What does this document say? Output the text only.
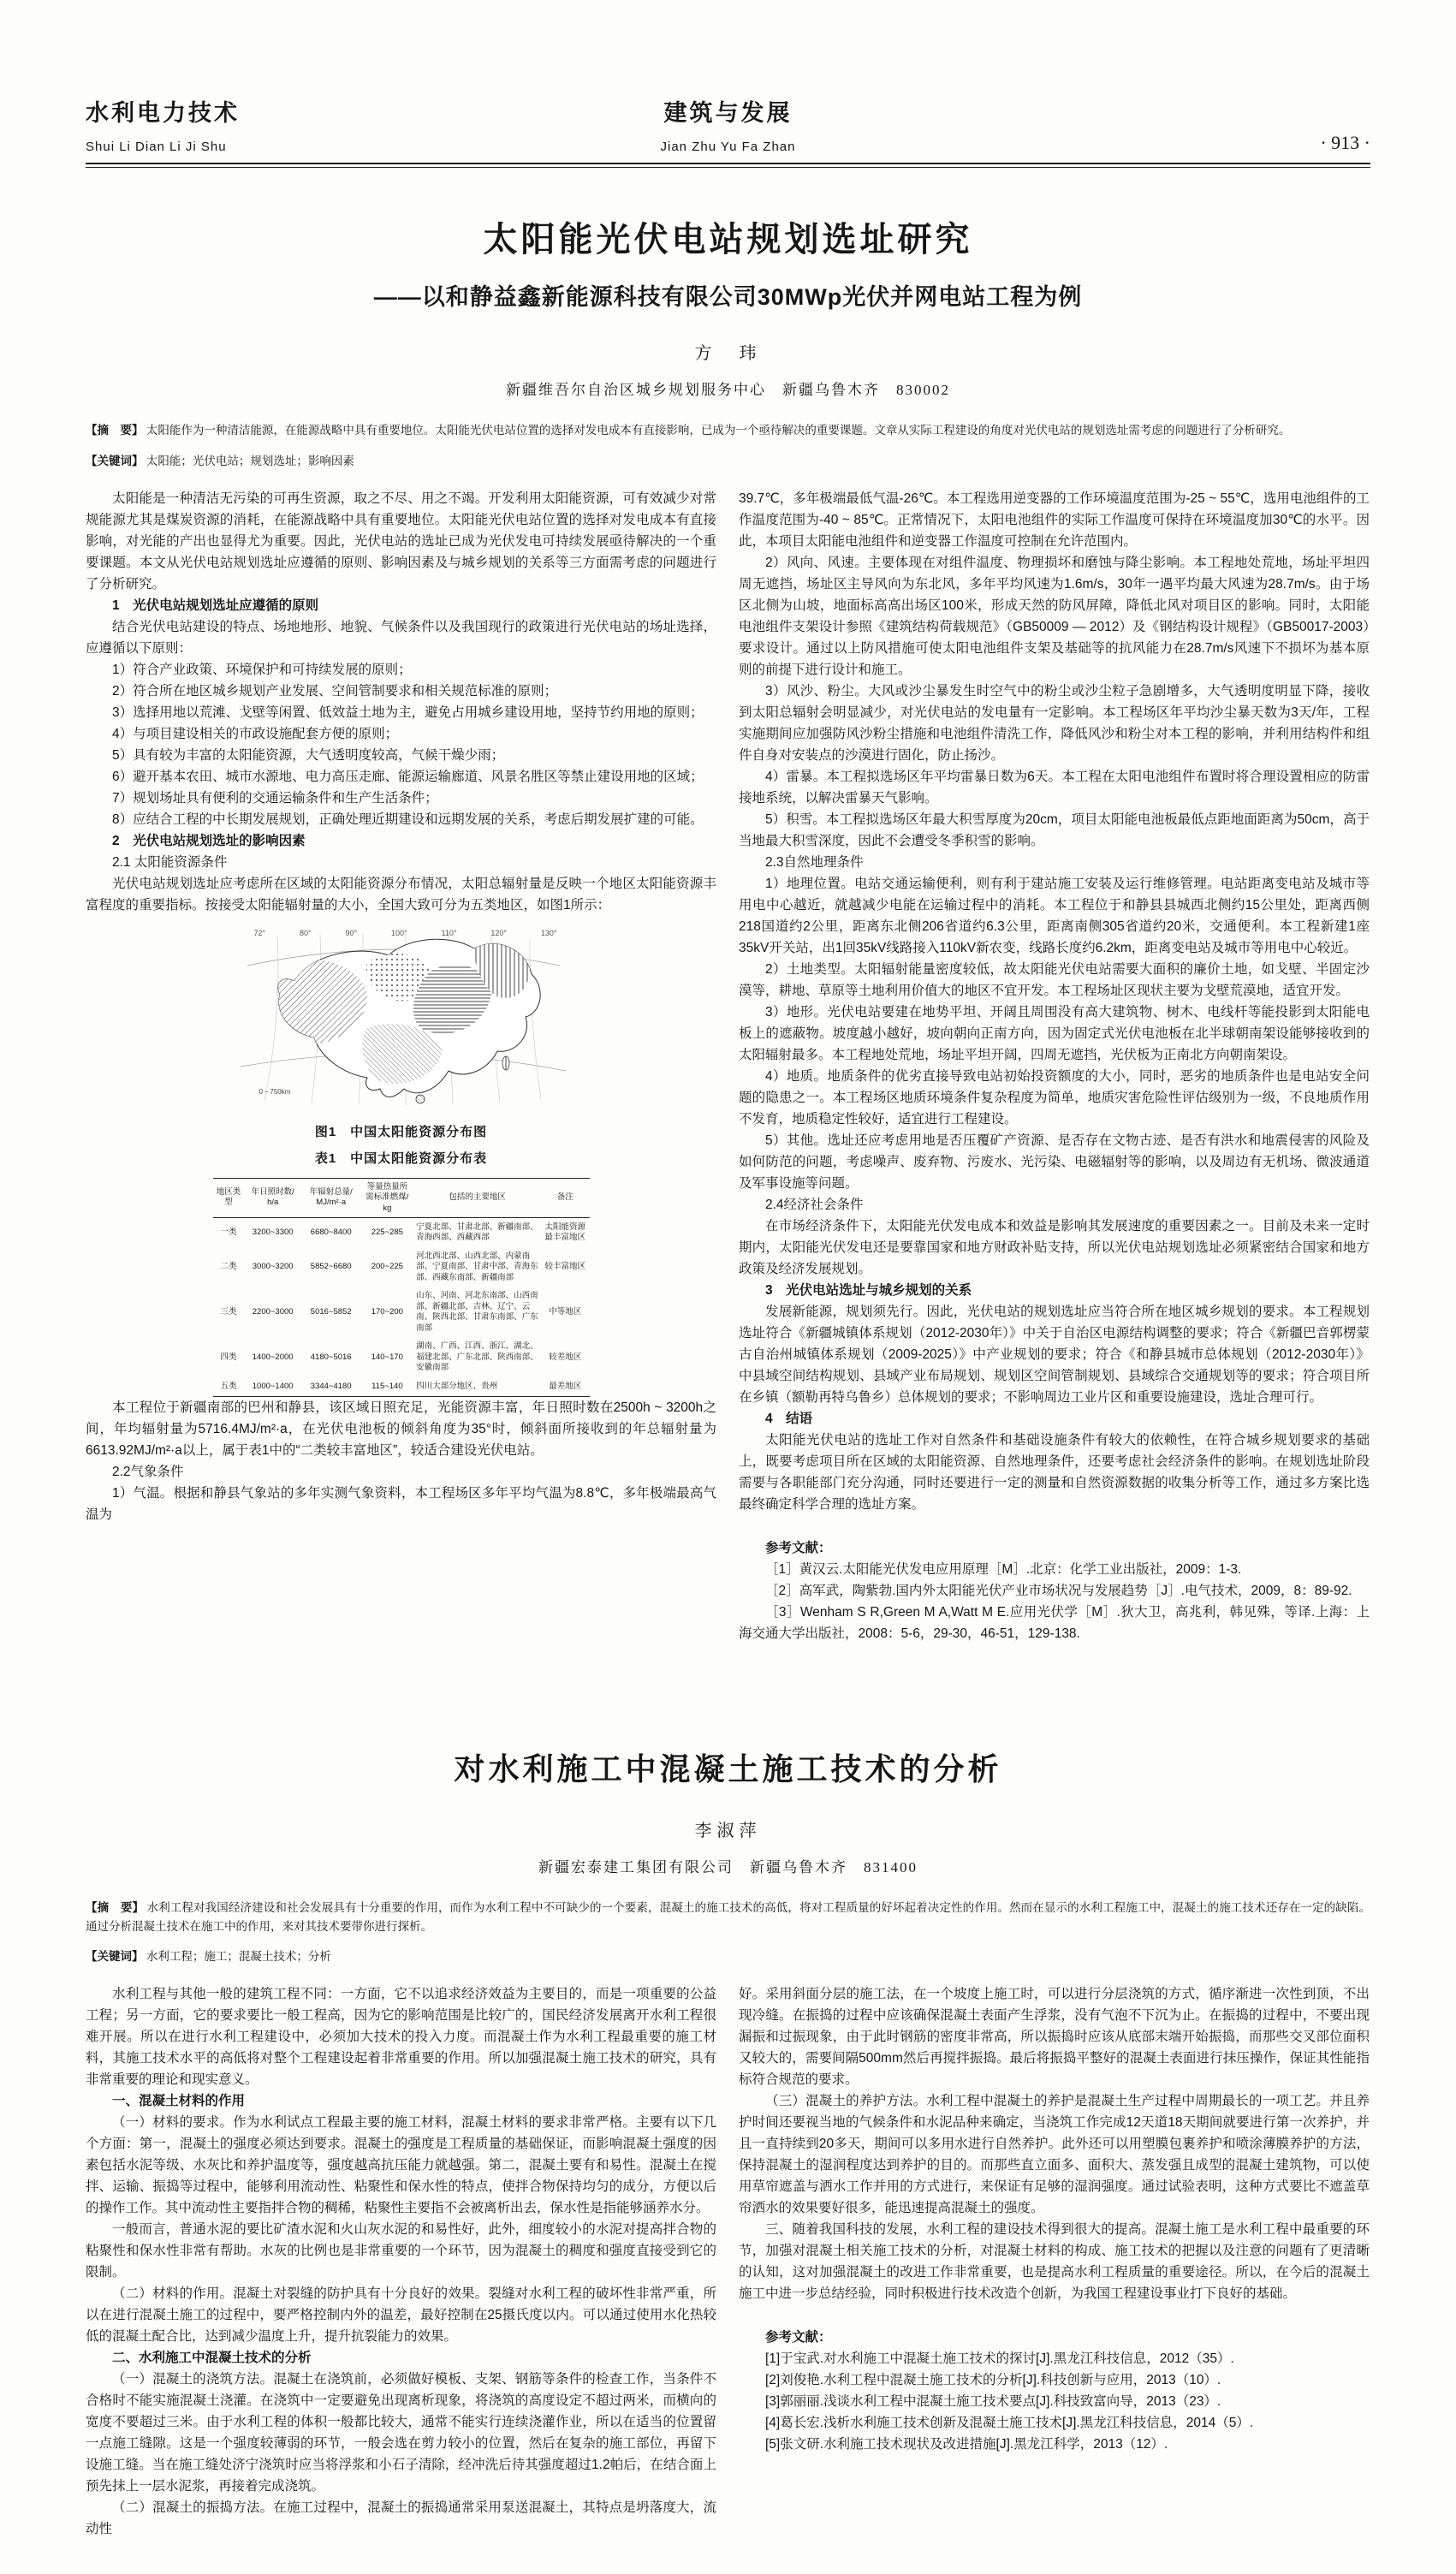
水利电力技术
Shui Li Dian Li Ji Shu
建筑与发展
Jian Zhu Yu Fa Zhan	· 913 ·
太阳能光伏电站规划选址研究
——以和静益鑫新能源科技有限公司30MWp光伏并网电站工程为例
方　玮
新疆维吾尔自治区城乡规划服务中心　新疆乌鲁木齐　830002

【摘　要】 太阳能作为一种清洁能源，在能源战略中具有重要地位。太阳能光伏电站位置的选择对发电成本有直接影响，已成为一个亟待解决的重要课题。文章从实际工程建设的角度对光伏电站的规划选址需考虑的问题进行了分析研究。

【关键词】 太阳能；光伏电站；规划选址；影响因素

太阳能是一种清洁无污染的可再生资源，取之不尽、用之不竭。开发利用太阳能资源，可有效减少对常规能源尤其是煤炭资源的消耗，在能源战略中具有重要地位。太阳能光伏电站位置的选择对发电成本有直接影响，对光能的产出也显得尤为重要。因此，光伏电站的选址已成为光伏发电可持续发展亟待解决的一个重要课题。本文从光伏电站规划选址应遵循的原则、影响因素及与城乡规划的关系等三方面需考虑的问题进行了分析研究。

1　光伏电站规划选址应遵循的原则

结合光伏电站建设的特点、场地地形、地貌、气候条件以及我国现行的政策进行光伏电站的场址选择，应遵循以下原则：

1）符合产业政策、环境保护和可持续发展的原则；

2）符合所在地区城乡规划产业发展、空间管制要求和相关规范标准的原则；

3）选择用地以荒滩、戈壁等闲置、低效益土地为主，避免占用城乡建设用地，坚持节约用地的原则；

4）与项目建设相关的市政设施配套方便的原则；

5）具有较为丰富的太阳能资源，大气透明度较高，气候干燥少雨；

6）避开基本农田、城市水源地、电力高压走廊、能源运输廊道、风景名胜区等禁止建设用地的区域；

7）规划场址具有便利的交通运输条件和生产生活条件；

8）应结合工程的中长期发展规划，正确处理近期建设和远期发展的关系，考虑后期发展扩建的可能。

2　光伏电站规划选址的影响因素

2.1 太阳能资源条件

光伏电站规划选址应考虑所在区域的太阳能资源分布情况，太阳总辐射量是反映一个地区太阳能资源丰富程度的重要指标。按接受太阳能辐射量的大小，全国大致可分为五类地区，如图1所示：

72°	80°	90°	100°	110°	120°	130°
0 ⎯ 750km

图1　中国太阳能资源分布图

表1　中国太阳能资源分布表

地区类型	年日照时数/ h/a	年辐射总量/ MJ/m²·a	等量热量所需标准燃煤/ kg	包括的主要地区	备注
一类	3200~3300	6680~8400	225~285	宁夏北部、甘肃北部、新疆南部、青海西部、西藏西部	太阳能资源最丰富地区
二类	3000~3200	5852~6680	200~225	河北西北部、山西北部、内蒙南部、宁夏南部、甘肃中部、青海东部、西藏东南部、新疆南部	较丰富地区
三类	2200~3000	5016~5852	170~200	山东、河南、河北东南部、山西南部、新疆北部、吉林、辽宁、云南、陕西北部、甘肃东南部、广东南部	中等地区
四类	1400~2000	4180~5016	140~170	湖南、广西、江西、浙江、湖北、福建北部、广东北部、陕西南部、安徽南部	较差地区
五类	1000~1400	3344~4180	115~140	四川大部分地区、贵州	最差地区

本工程位于新疆南部的巴州和静县，该区域日照充足，光能资源丰富，年日照时数在2500h ~ 3200h之间，年均辐射量为5716.4MJ/m²·a，在光伏电池板的倾斜角度为35°时，倾斜面所接收到的年总辐射量为6613.92MJ/m²·a以上，属于表1中的“二类较丰富地区”，较适合建设光伏电站。

2.2气象条件

1）气温。根据和静县气象站的多年实测气象资料，本工程场区多年平均气温为8.8℃，多年极端最高气温为

39.7℃，多年极端最低气温-26℃。本工程选用逆变器的工作环境温度范围为-25 ~ 55℃，选用电池组件的工作温度范围为-40 ~ 85℃。正常情况下，太阳电池组件的实际工作温度可保持在环境温度加30℃的水平。因此，本项目太阳能电池组件和逆变器工作温度可控制在允许范围内。

2）风向、风速。主要体现在对组件温度、物理损坏和磨蚀与降尘影响。本工程地处荒地，场址平坦四周无遮挡，场址区主导风向为东北风，多年平均风速为1.6m/s，30年一遇平均最大风速为28.7m/s。由于场区北侧为山坡，地面标高高出场区100米，形成天然的防风屏障，降低北风对项目区的影响。同时，太阳能电池组件支架设计参照《建筑结构荷载规范》（GB50009 — 2012）及《钢结构设计规程》（GB50017-2003）要求设计。通过以上防风措施可使太阳电池组件支架及基础等的抗风能力在28.7m/s风速下不损坏为基本原则的前提下进行设计和施工。

3）风沙、粉尘。大风或沙尘暴发生时空气中的粉尘或沙尘粒子急剧增多，大气透明度明显下降，接收到太阳总辐射会明显减少，对光伏电站的发电量有一定影响。本工程场区年平均沙尘暴天数为3天/年，工程实施期间应加强防风沙粉尘措施和电池组件清洗工作，降低风沙和粉尘对本工程的影响，并利用结构件和组件自身对安装点的沙漠进行固化，防止扬沙。

4）雷暴。本工程拟选场区年平均雷暴日数为6天。本工程在太阳电池组件布置时将合理设置相应的防雷接地系统，以解决雷暴天气影响。

5）积雪。本工程拟选场区年最大积雪厚度为20cm，项目太阳能电池板最低点距地面距离为50cm，高于当地最大积雪深度，因此不会遭受冬季积雪的影响。

2.3自然地理条件

1）地理位置。电站交通运输便利，则有利于建站施工安装及运行维修管理。电站距离变电站及城市等用电中心越近，就越减少电能在运输过程中的消耗。本工程位于和静县县城西北侧约15公里处，距离西侧218国道约2公里，距离东北侧206省道约6.3公里，距离南侧305省道约20米，交通便利。本工程新建1座35kV开关站，出1回35kV线路接入110kV新农变，线路长度约6.2km，距离变电站及城市等用电中心较近。

2）土地类型。太阳辐射能量密度较低，故太阳能光伏电站需要大面积的廉价土地，如戈壁、半固定沙漠等，耕地、草原等土地利用价值大的地区不宜开发。本工程场址区现状主要为戈壁荒漠地，适宜开发。

3）地形。光伏电站要建在地势平坦、开阔且周围没有高大建筑物、树木、电线杆等能投影到太阳能电板上的遮蔽物。坡度越小越好，坡向朝向正南方向，因为固定式光伏电池板在北半球朝南架设能够接收到的太阳辐射最多。本工程地处荒地，场址平坦开阔，四周无遮挡，光伏板为正南北方向朝南架设。

4）地质。地质条件的优劣直接导致电站初始投资额度的大小，同时，恶劣的地质条件也是电站安全问题的隐患之一。本工程场区地质环境条件复杂程度为简单，地质灾害危险性评估级别为一级，不良地质作用不发育，地质稳定性较好，适宜进行工程建设。

5）其他。选址还应考虑用地是否压覆矿产资源、是否存在文物古迹、是否有洪水和地震侵害的风险及如何防范的问题，考虑噪声、废弃物、污废水、光污染、电磁辐射等的影响，以及周边有无机场、微波通道及军事设施等问题。

2.4经济社会条件

在市场经济条件下，太阳能光伏发电成本和效益是影响其发展速度的重要因素之一。目前及未来一定时期内，太阳能光伏发电还是要靠国家和地方财政补贴支持，所以光伏电站规划选址必须紧密结合国家和地方政策及经济发展规划。

3　光伏电站选址与城乡规划的关系

发展新能源，规划须先行。因此，光伏电站的规划选址应当符合所在地区城乡规划的要求。本工程规划选址符合《新疆城镇体系规划（2012-2030年）》中关于自治区电源结构调整的要求；符合《新疆巴音郭楞蒙古自治州城镇体系规划（2009-2025）》中产业规划的要求；符合《和静县城市总体规划（2012-2030年）》中县域空间结构规划、县域产业布局规划、规划区空间管制规划、县域综合交通规划等的要求；符合项目所在乡镇（额勒再特乌鲁乡）总体规划的要求；不影响周边工业片区和重要设施建设，选址合理可行。

4　结语

太阳能光伏电站的选址工作对自然条件和基础设施条件有较大的依赖性，在符合城乡规划要求的基础上，既要考虑项目所在区域的太阳能资源、自然地理条件，还要考虑社会经济条件的影响。在规划选址阶段需要与各职能部门充分沟通，同时还要进行一定的测量和自然资源数据的收集分析等工作，通过多方案比选最终确定科学合理的选址方案。

参考文献：

［1］黄汉云.太阳能光伏发电应用原理［M］.北京：化学工业出版社，2009：1-3.
［2］高军武，陶紫勃.国内外太阳能光伏产业市场状况与发展趋势［J］.电气技术，2009，8：89-92.
［3］Wenham S R,Green M A,Watt M E.应用光伏学［M］.狄大卫，高兆利，韩见殊，等译.上海：上海交通大学出版社，2008：5-6，29-30，46-51，129-138.
对水利施工中混凝土施工技术的分析
李淑萍
新疆宏泰建工集团有限公司　新疆乌鲁木齐　831400

【摘　要】 水利工程对我国经济建设和社会发展具有十分重要的作用，而作为水利工程中不可缺少的一个要素，混凝土的施工技术的高低，将对工程质量的好坏起着决定性的作用。然而在显示的水利工程施工中，混凝土的施工技术还存在一定的缺陷。通过分析混凝土技术在施工中的作用，来对其技术要带你进行探析。

【关键词】 水利工程；施工；混凝土技术；分析

水利工程与其他一般的建筑工程不同：一方面，它不以追求经济效益为主要目的，而是一项重要的公益工程；另一方面，它的要求要比一般工程高，因为它的影响范围是比较广的，国民经济发展离开水利工程很难开展。所以在进行水利工程建设中，必须加大技术的投入力度。而混凝土作为水利工程最重要的施工材料，其施工技术水平的高低将对整个工程建设起着非常重要的作用。所以加强混凝土施工技术的研究，具有非常重要的理论和现实意义。

一、混凝土材料的作用

（一）材料的要求。作为水利试点工程最主要的施工材料，混凝土材料的要求非常严格。主要有以下几个方面：第一，混凝土的强度必须达到要求。混凝土的强度是工程质量的基础保证，而影响混凝土强度的因素包括水泥等级、水灰比和养护温度等，强度越高抗压能力就越强。第二，混凝土要有和易性。混凝土在搅拌、运输、振捣等过程中，能够利用流动性、粘聚性和保水性的特点，使拌合物保持均匀的成分，方便以后的操作工作。其中流动性主要指拌合物的稠稀，粘聚性主要指不会被离析出去，保水性是指能够涵养水分。

一般而言，普通水泥的要比矿渣水泥和火山灰水泥的和易性好，此外，细度较小的水泥对提高拌合物的粘聚性和保水性非常有帮助。水灰的比例也是非常重要的一个环节，因为混凝土的稠度和强度直接受到它的限制。

（二）材料的作用。混凝土对裂缝的防护具有十分良好的效果。裂缝对水利工程的破坏性非常严重，所以在进行混凝土施工的过程中，要严格控制内外的温差，最好控制在25摄氏度以内。可以通过使用水化热较低的混凝土配合比，达到减少温度上升，提升抗裂能力的效果。

二、水利施工中混凝土技术的分析

（一）混凝土的浇筑方法。混凝土在浇筑前，必须做好模板、支架、钢筋等条件的检查工作，当条件不合格时不能实施混凝土浇灌。在浇筑中一定要避免出现离析现象，将浇筑的高度设定不超过两米，而横向的宽度不要超过三米。由于水利工程的体积一般都比较大，通常不能实行连续浇灌作业，所以在适当的位置留一点施工缝隙。这是一个强度较薄弱的环节，一般会选在剪力较小的位置，然后在复杂的施工部位，再留下设施工缝。当在施工缝处济宁浇筑时应当将浮浆和小石子清除，经冲洗后待其强度超过1.2帕后，在结合面上预先抹上一层水泥浆，再接着完成浇筑。

（二）混凝土的振捣方法。在施工过程中，混凝土的振捣通常采用泵送混凝土，其特点是坍落度大，流动性

好。采用斜面分层的施工法，在一个坡度上施工时，可以进行分层浇筑的方式，循序渐进一次性到顶，不出现冷缝。在振捣的过程中应该确保混凝土表面产生浮浆，没有气泡不下沉为止。在振捣的过程中，不要出现漏振和过振现象，由于此时钢筋的密度非常高，所以振捣时应该从底部末端开始振捣，而那些交叉部位面积又较大的，需要间隔500mm然后再搅拌振捣。最后将振捣平整好的混凝土表面进行抹压操作，保证其性能指标符合规范的要求。

（三）混凝土的养护方法。水利工程中混凝土的养护是混凝土生产过程中周期最长的一项工艺。并且养护时间还要视当地的气候条件和水泥品种来确定，当浇筑工作完成12天道18天期间就要进行第一次养护，并且一直持续到20多天，期间可以多用水进行自然养护。此外还可以用塑膜包裹养护和喷涂薄膜养护的方法，保持混凝土的湿润程度达到养护的目的。而那些直立面多、面积大、蒸发强且成型的混凝土建筑物，可以使用草帘遮盖与洒水工作并用的方式进行，来保证有足够的湿润强度。通过试验表明，这种方式要比不遮盖草帘洒水的效果要好很多，能迅速提高混凝土的强度。

三、随着我国科技的发展，水利工程的建设技术得到很大的提高。混凝土施工是水利工程中最重要的环节，加强对混凝土相关施工技术的分析，对混凝土材料的构成、施工技术的把握以及注意的问题有了更清晰的认知，这对加强混凝土的改进工作非常重要，也是提高水利工程质量的重要途径。所以，在今后的混凝土施工中进一步总结经验，同时积极进行技术改造个创新，为我国工程建设事业打下良好的基础。

参考文献：

[1]于宝武.对水利施工中混凝土施工技术的探讨[J].黑龙江科技信息，2012（35）.
[2]刘俊艳.水利工程中混凝土施工技术的分析[J].科技创新与应用，2013（10）.
[3]郭丽丽.浅谈水利工程中混凝土施工技术要点[J].科技致富向导，2013（23）.
[4]葛长宏.浅析水利施工技术创新及混凝土施工技术[J].黑龙江科技信息，2014（5）.
[5]张文研.水利施工技术现状及改进措施[J].黑龙江科学，2013（12）.
